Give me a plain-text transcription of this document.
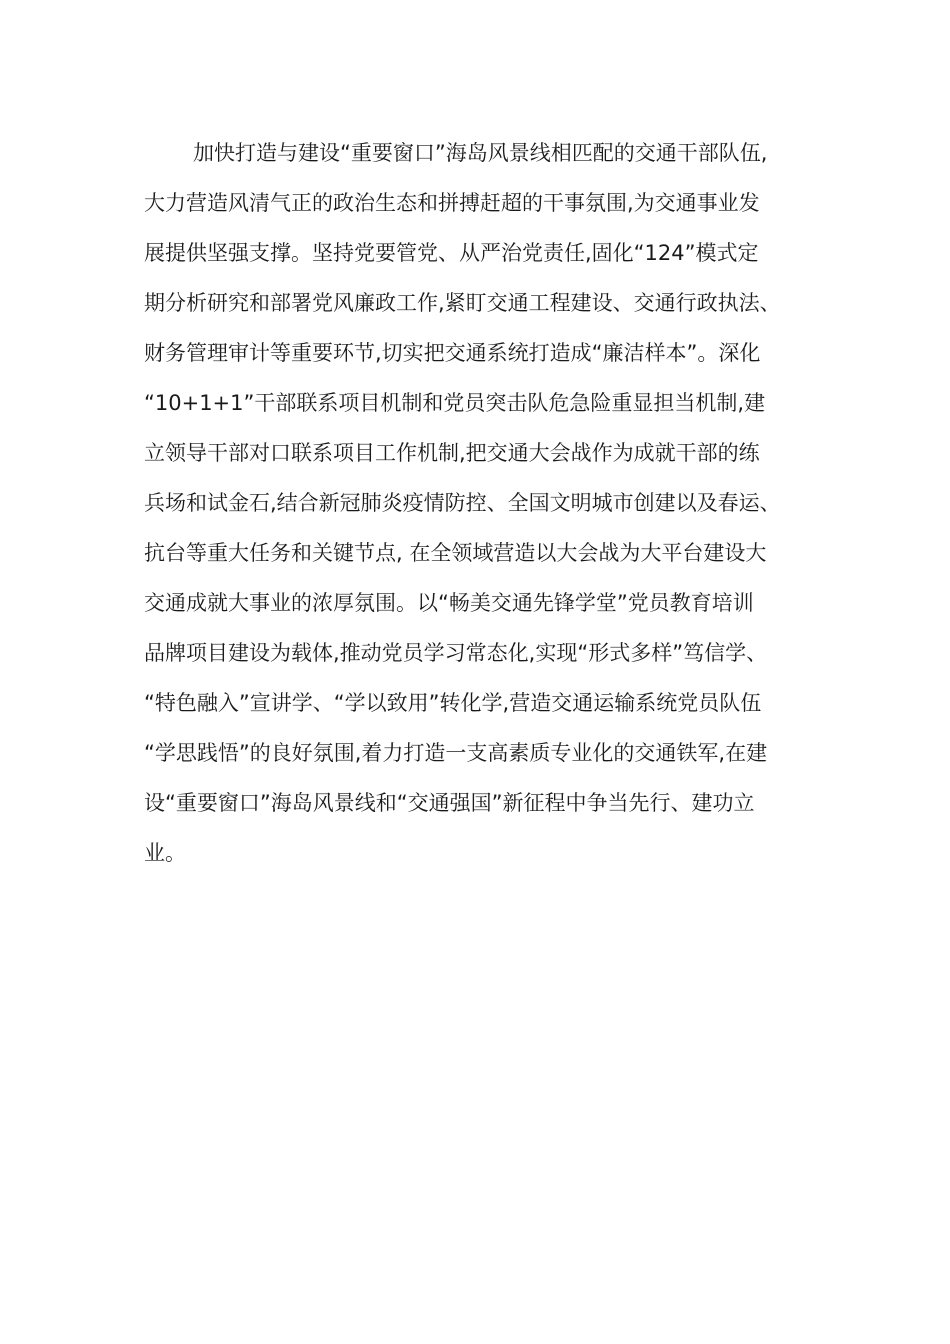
加快打造与建设“重要窗口”海岛风景线相匹配的交通干部队伍,
大力营造风清气正的政治生态和拼搏赶超的干事氛围,为交通事业发
展提供坚强支撑。坚持党要管党、从严治党责任,固化“124”模式定
期分析研究和部署党风廉政工作,紧盯交通工程建设、交通行政执法、
财务管理审计等重要环节,切实把交通系统打造成“廉洁样本”。深化
“10+1+1”干部联系项目机制和党员突击队危急险重显担当机制,建
立领导干部对口联系项目工作机制,把交通大会战作为成就干部的练
兵场和试金石,结合新冠肺炎疫情防控、全国文明城市创建以及春运、
抗台等重大任务和关键节点, 在全领域营造以大会战为大平台建设大
交通成就大事业的浓厚氛围。以“畅美交通先锋学堂”党员教育培训
品牌项目建设为载体,推动党员学习常态化,实现“形式多样”笃信学、
“特色融入”宣讲学、“学以致用”转化学,营造交通运输系统党员队伍
“学思践悟”的良好氛围,着力打造一支高素质专业化的交通铁军,在建
设“重要窗口”海岛风景线和“交通强国”新征程中争当先行、建功立
业。
